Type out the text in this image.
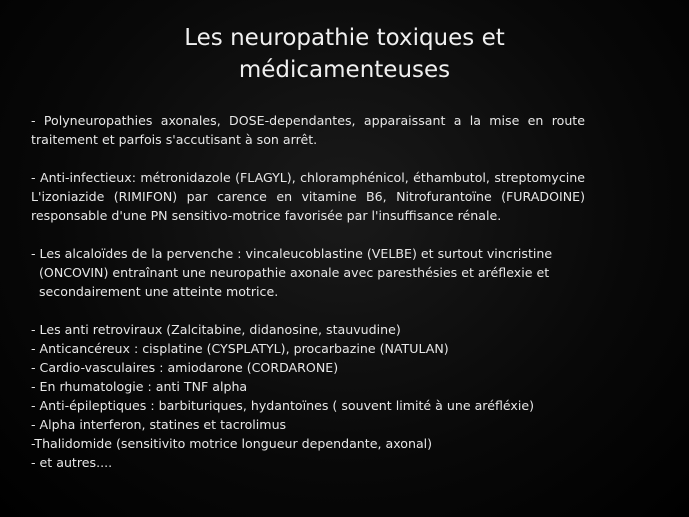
Les neuropathie toxiques et
médicamenteuses

- Polyneuropathies axonales, DOSE-dependantes, apparaissant a la mise en route traitement et parfois s'accutisant à son arrêt.

- Anti-infectieux: métronidazole (FLAGYL), chloramphénicol, éthambutol, streptomycine L'izoniazide (RIMIFON) par carence en vitamine B6, Nitrofurantoïne (FURADOINE) responsable d'une PN sensitivo-motrice favorisée par l'insuffisance rénale.

- Les alcaloïdes de la pervenche : vincaleucoblastine (VELBE) et surtout vincristine
(ONCOVIN) entraînant une neuropathie axonale avec paresthésies et aréflexie et
secondairement une atteinte motrice.
- Les anti retroviraux (Zalcitabine, didanosine, stauvudine)
- Anticancéreux : cisplatine (CYSPLATYL), procarbazine (NATULAN)
- Cardio-vasculaires : amiodarone (CORDARONE)
- En rhumatologie : anti TNF alpha
- Anti-épileptiques : barbituriques, hydantoïnes ( souvent limité à une aréfléxie)
- Alpha interferon, statines et tacrolimus
-Thalidomide (sensitivito motrice longueur dependante, axonal)
- et autres....
